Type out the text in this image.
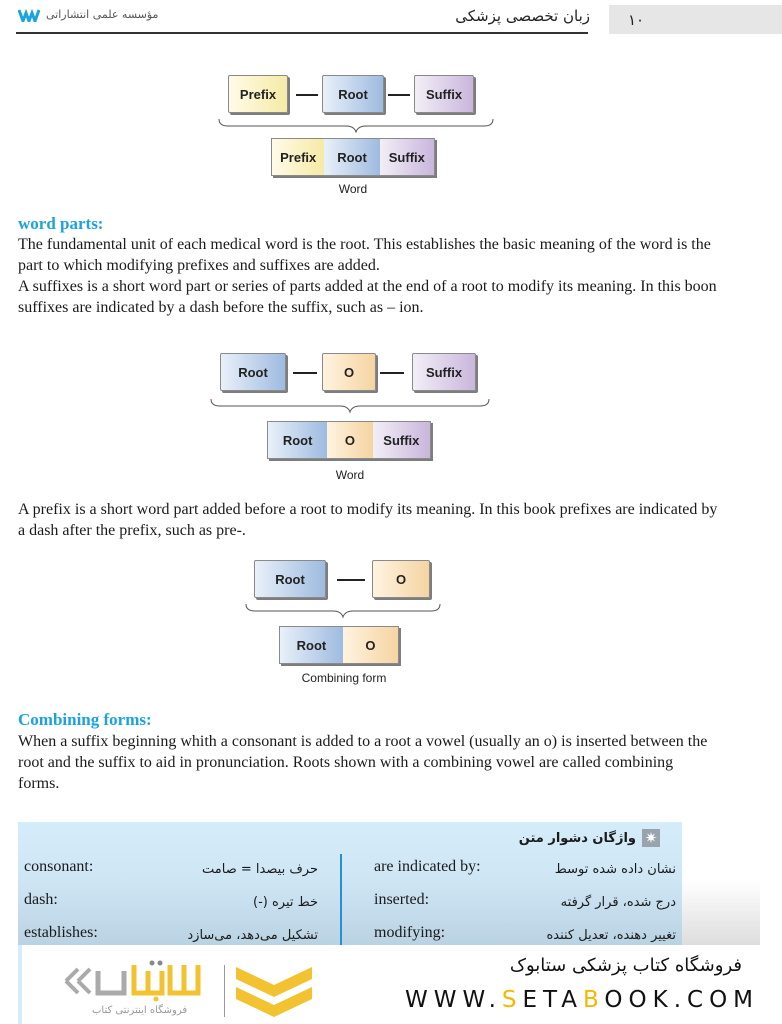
۱۰
زبان تخصصی پزشکی
مؤسسه علمی انتشاراتی
Prefix	Root	Suffix
Prefix	Root	Suffix
Word
word parts:
The fundamental unit of each medical word is the root. This establishes the basic meaning of the word is the part to which modifying prefixes and suffixes are added.
A suffixes is a short word part or series of parts added at the end of a root to modify its meaning. In this boon suffixes are indicated by a dash before the suffix, such as – ion.
Root	O	Suffix
Root	O	Suffix
Word
A prefix is a short word part added before a root to modify its meaning. In this book prefixes are indicated by a dash after the prefix, such as pre-.
Root	O
Root	O
Combining form
Combining forms:
When a suffix beginning whith a consonant is added to a root a vowel (usually an o) is inserted between the root and the suffix to aid in pronunciation. Roots shown with a combining vowel are called combining forms.
✷
واژگان دشوار متن
are indicated by:	نشان داده شده توسط
inserted:	درج شده، قرار گرفته
modifying:	تغییر دهنده، تعدیل کننده
consonant:	حرف بیصدا = صامت
dash:	خط تیره (-)
establishes:	تشکیل می‌دهد، می‌سازد
فروشگاه اینترنتی کتاب
فروشگاه کتاب پزشکی ستابوک
WWW.SETABOOK.COM
